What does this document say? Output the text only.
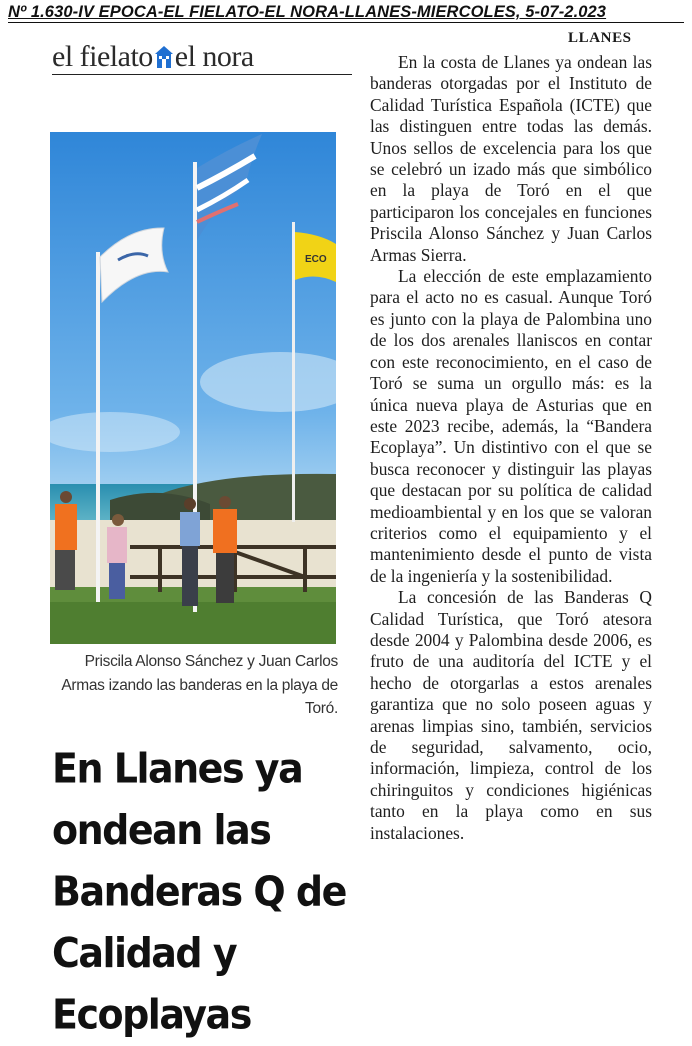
Nº 1.630-IV EPOCA-EL FIELATO-EL NORA-LLANES-MIERCOLES, 5-07-2.023
el fielato el nora
LLANES
ECO
Priscila Alonso Sánchez y Juan Carlos Armas izando las banderas en la playa de Toró.
En Llanes ya ondean las Banderas Q de Calidad y Ecoplayas

En la costa de Llanes ya ondean las banderas otorgadas por el Instituto de Calidad Turística Española (ICTE) que las distinguen entre todas las demás. Unos sellos de excelencia para los que se celebró un izado más que simbólico en la playa de Toró en el que participaron los concejales en funciones Priscila Alonso Sánchez y Juan Carlos Armas Sierra.

La elección de este emplazamiento para el acto no es casual. Aunque Toró es junto con la playa de Palombina uno de los dos arenales llaniscos en contar con este reconocimiento, en el caso de Toró se suma un orgullo más: es la única nueva playa de Asturias que en este 2023 recibe, además, la “Bandera Ecoplaya”. Un distintivo con el que se busca reconocer y distinguir las playas que destacan por su política de calidad medioambiental y en los que se valoran criterios como el equipamiento y el mantenimiento desde el punto de vista de la ingeniería y la sostenibilidad.

La concesión de las Banderas Q Calidad Turística, que Toró atesora desde 2004 y Palombina desde 2006, es fruto de una auditoría del ICTE y el hecho de otorgarlas a estos arenales garantiza que no solo poseen aguas y arenas limpias sino, también, servicios de seguridad, salvamento, ocio, información, limpieza, control de los chiringuitos y condiciones higiénicas tanto en la playa como en sus instalaciones.
